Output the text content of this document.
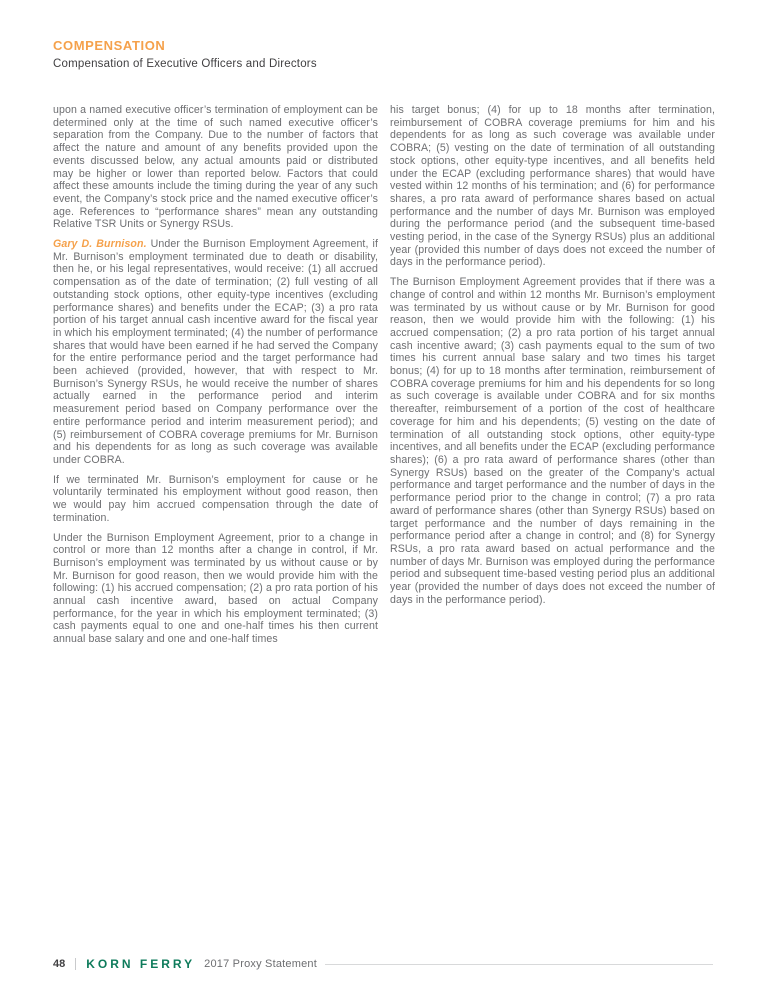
COMPENSATION
Compensation of Executive Officers and Directors

upon a named executive officer’s termination of employment can be determined only at the time of such named executive officer’s separation from the Company. Due to the number of factors that affect the nature and amount of any benefits provided upon the events discussed below, any actual amounts paid or distributed may be higher or lower than reported below. Factors that could affect these amounts include the timing during the year of any such event, the Company’s stock price and the named executive officer’s age. References to “performance shares” mean any outstanding Relative TSR Units or Synergy RSUs.

Gary D. Burnison. Under the Burnison Employment Agreement, if Mr. Burnison’s employment terminated due to death or disability, then he, or his legal representatives, would receive: (1) all accrued compensation as of the date of termination; (2) full vesting of all outstanding stock options, other equity-type incentives (excluding performance shares) and benefits under the ECAP; (3) a pro rata portion of his target annual cash incentive award for the fiscal year in which his employment terminated; (4) the number of performance shares that would have been earned if he had served the Company for the entire performance period and the target performance had been achieved (provided, however, that with respect to Mr. Burnison’s Synergy RSUs, he would receive the number of shares actually earned in the performance period and interim measurement period based on Company performance over the entire performance period and interim measurement period); and (5) reimbursement of COBRA coverage premiums for Mr. Burnison and his dependents for as long as such coverage was available under COBRA.

If we terminated Mr. Burnison’s employment for cause or he voluntarily terminated his employment without good reason, then we would pay him accrued compensation through the date of termination.

Under the Burnison Employment Agreement, prior to a change in control or more than 12 months after a change in control, if Mr. Burnison’s employment was terminated by us without cause or by Mr. Burnison for good reason, then we would provide him with the following: (1) his accrued compensation; (2) a pro rata portion of his annual cash incentive award, based on actual Company performance, for the year in which his employment terminated; (3) cash payments equal to one and one-half times his then current annual base salary and one and one-half times

his target bonus; (4) for up to 18 months after termination, reimbursement of COBRA coverage premiums for him and his dependents for as long as such coverage was available under COBRA; (5) vesting on the date of termination of all outstanding stock options, other equity-type incentives, and all benefits held under the ECAP (excluding performance shares) that would have vested within 12 months of his termination; and (6) for performance shares, a pro rata award of performance shares based on actual performance and the number of days Mr. Burnison was employed during the performance period (and the subsequent time-based vesting period, in the case of the Synergy RSUs) plus an additional year (provided this number of days does not exceed the number of days in the performance period).

The Burnison Employment Agreement provides that if there was a change of control and within 12 months Mr. Burnison’s employment was terminated by us without cause or by Mr. Burnison for good reason, then we would provide him with the following: (1) his accrued compensation; (2) a pro rata portion of his target annual cash incentive award; (3) cash payments equal to the sum of two times his current annual base salary and two times his target bonus; (4) for up to 18 months after termination, reimbursement of COBRA coverage premiums for him and his dependents for so long as such coverage is available under COBRA and for six months thereafter, reimbursement of a portion of the cost of healthcare coverage for him and his dependents; (5) vesting on the date of termination of all outstanding stock options, other equity-type incentives, and all benefits under the ECAP (excluding performance shares); (6) a pro rata award of performance shares (other than Synergy RSUs) based on the greater of the Company’s actual performance and target performance and the number of days in the performance period prior to the change in control; (7) a pro rata award of performance shares (other than Synergy RSUs) based on target performance and the number of days remaining in the performance period after a change in control; and (8) for Synergy RSUs, a pro rata award based on actual performance and the number of days Mr. Burnison was employed during the performance period and subsequent time-based vesting period plus an additional year (provided the number of days does not exceed the number of days in the performance period).

48 KORN FERRY 2017 Proxy Statement
